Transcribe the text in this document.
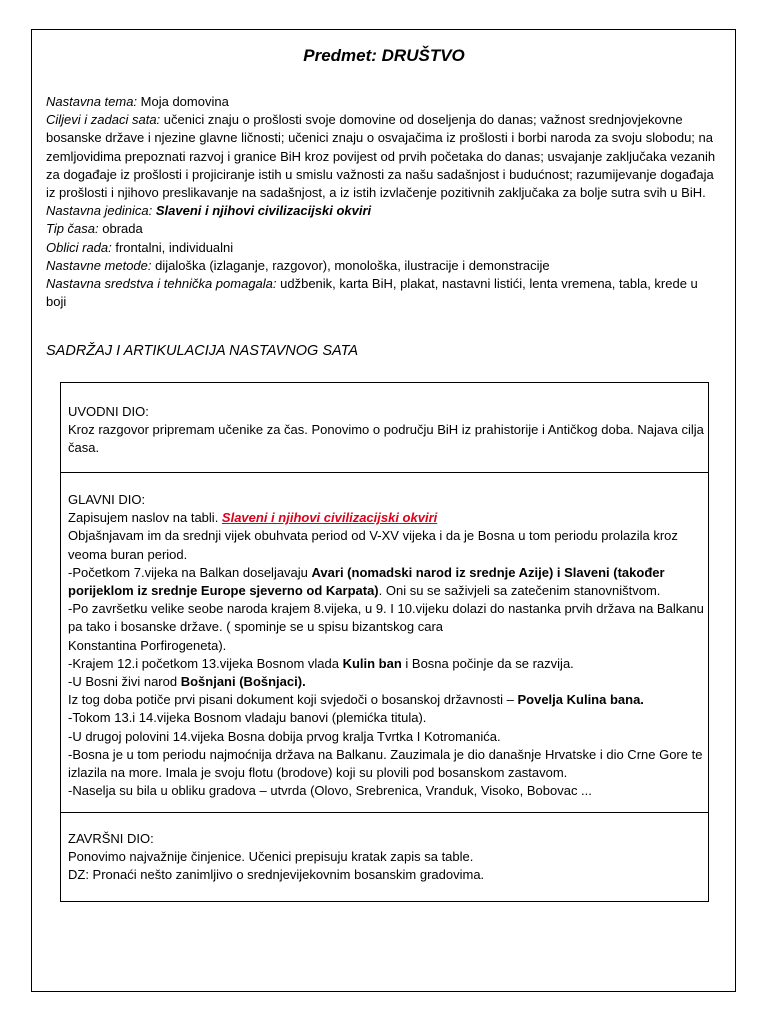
Predmet: DRUŠTVO

Nastavna tema: Moja domovina

Ciljevi i zadaci sata: učenici znaju o prošlosti svoje domovine od doseljenja do danas; važnost srednjovjekovne bosanske države i njezine glavne ličnosti; učenici znaju o osvajačima iz prošlosti i borbi naroda za svoju slobodu; na zemljovidima prepoznati razvoj i granice BiH kroz povijest od prvih početaka do danas; usvajanje zaključaka vezanih za događaje iz prošlosti i projiciranje istih u smislu važnosti za našu sadašnjost i budućnost; razumijevanje događaja iz prošlosti i njihovo preslikavanje na sadašnjost, a iz istih izvlačenje pozitivnih zaključaka za bolje sutra svih u BiH.

Nastavna jedinica: Slaveni i njihovi civilizacijski okviri

Tip časa: obrada

Oblici rada: frontalni, individualni

Nastavne metode: dijaloška (izlaganje, razgovor), monološka, ilustracije i demonstracije

Nastavna sredstva i tehnička pomagala: udžbenik, karta BiH, plakat, nastavni listići, lenta vremena, tabla, krede u boji

SADRŽAJ I ARTIKULACIJA NASTAVNOG SATA

UVODNI DIO:

Kroz razgovor pripremam učenike za čas. Ponovimo o području BiH iz prahistorije i Antičkog doba. Najava cilja časa.

GLAVNI DIO:

Zapisujem naslov na tabli. Slaveni i njihovi civilizacijski okviri

Objašnjavam im da srednji vijek obuhvata period od V-XV vijeka i da je Bosna u tom periodu prolazila kroz veoma buran period.

-Početkom 7.vijeka na Balkan doseljavaju Avari (nomadski narod iz srednje Azije) i Slaveni (također porijeklom iz srednje Europe sjeverno od Karpata). Oni su se saživjeli sa zatečenim stanovništvom.

-Po završetku velike seobe naroda krajem 8.vijeka, u 9. I 10.vijeku dolazi do nastanka prvih država na Balkanu pa tako i bosanske države. ( spominje se u spisu bizantskog cara

Konstantina Porfirogeneta).

-Krajem 12.i početkom 13.vijeka Bosnom vlada Kulin ban i Bosna počinje da se razvija.

-U Bosni živi narod Bošnjani (Bošnjaci).

Iz tog doba potiče prvi pisani dokument koji svjedoči o bosanskoj državnosti – Povelja Kulina bana.

-Tokom 13.i 14.vijeka Bosnom vladaju banovi (plemićka titula).

-U drugoj polovini 14.vijeka Bosna dobija prvog kralja Tvrtka I Kotromanića.

-Bosna je u tom periodu najmoćnija država na Balkanu. Zauzimala je dio današnje Hrvatske i dio Crne Gore te izlazila na more. Imala je svoju flotu (brodove) koji su plovili pod bosanskom zastavom.

-Naselja su bila u obliku gradova – utvrda (Olovo, Srebrenica, Vranduk, Visoko, Bobovac ...

ZAVRŠNI DIO:

Ponovimo najvažnije činjenice. Učenici prepisuju kratak zapis sa table.

DZ: Pronaći nešto zanimljivo o srednjevijekovnim bosanskim gradovima.
